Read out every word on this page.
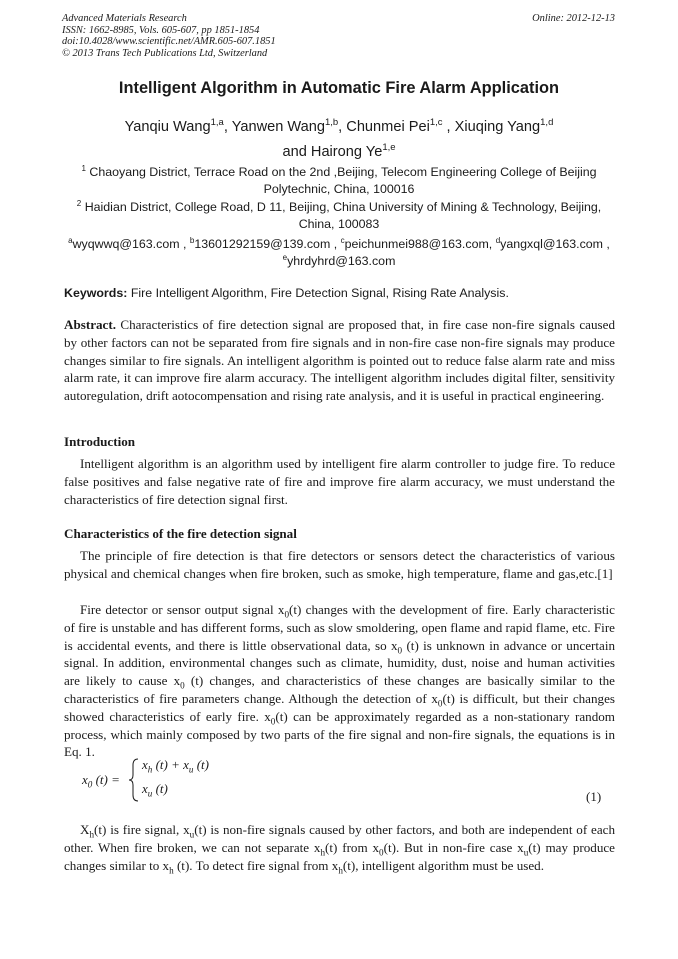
Advanced Materials Research
ISSN: 1662-8985, Vols. 605-607, pp 1851-1854
doi:10.4028/www.scientific.net/AMR.605-607.1851
© 2013 Trans Tech Publications Ltd, Switzerland
Online: 2012-12-13
Intelligent Algorithm in Automatic Fire Alarm Application
Yanqiu Wang$^{1,a}$, Yanwen Wang$^{1,b}$, Chunmei Pei$^{1,c}$ , Xiuqing Yang$^{1,d}$
and Hairong Ye$^{1,e}$
$^1$ Chaoyang District, Terrace Road on the 2nd ,Beijing, Telecom Engineering College of Beijing
Polytechnic, China, 100016
$^2$ Haidian District, College Road, D 11, Beijing, China University of Mining & Technology, Beijing,
China, 100083
$^a$wyqwwq@163.com , $^b$13601292159@139.com , $^c$peichunmei988@163.com, $^d$yangxql@163.com ,
$^e$yhrdyhrd@163.com
Keywords: Fire Intelligent Algorithm, Fire Detection Signal, Rising Rate Analysis.
Abstract. Characteristics of fire detection signal are proposed that, in fire case non-fire signals caused by other factors can not be separated from fire signals and in non-fire case non-fire signals may produce changes similar to fire signals. An intelligent algorithm is pointed out to reduce false alarm rate and miss alarm rate, it can improve fire alarm accuracy. The intelligent algorithm includes digital filter, sensitivity autoregulation, drift aotocompensation and rising rate analysis, and it is useful in practical engineering.
Introduction
Intelligent algorithm is an algorithm used by intelligent fire alarm controller to judge fire. To reduce false positives and false negative rate of fire and improve fire alarm accuracy, we must understand the characteristics of fire detection signal first.
Characteristics of the fire detection signal
The principle of fire detection is that fire detectors or sensors detect the characteristics of various physical and chemical changes when fire broken, such as smoke, high temperature, flame and gas,etc.[1]
Fire detector or sensor output signal $x_0(t)$ changes with the development of fire. Early characteristic of fire is unstable and has different forms, such as slow smoldering, open flame and rapid flame, etc. Fire is accidental events, and there is little observational data, so $x_0$ (t) is unknown in advance or uncertain signal. In addition, environmental changes such as climate, humidity, dust, noise and human activities are likely to cause $x_0$ (t) changes, and characteristics of these changes are basically similar to the characteristics of fire parameters change. Although the detection of $x_0(t)$ is difficult, but their changes showed characteristics of early fire. $x_0(t)$ can be approximately regarded as a non-stationary random process, which mainly composed by two parts of the fire signal and non-fire signals, the equations is in Eq. 1.
$x_0$ (t) =
$x_h$ $(t) + x_u$ (t)
$x_u$ (t)
(1)
$X_h(t)$ is fire signal, $x_u(t)$ is non-fire signals caused by other factors, and both are independent of each other. When fire broken, we can not separate $x_h(t)$ from $x_0(t)$. But in non-fire case $x_u(t)$ may produce changes similar to $x_h$ (t). To detect fire signal from $x_h(t)$, intelligent algorithm must be used.
